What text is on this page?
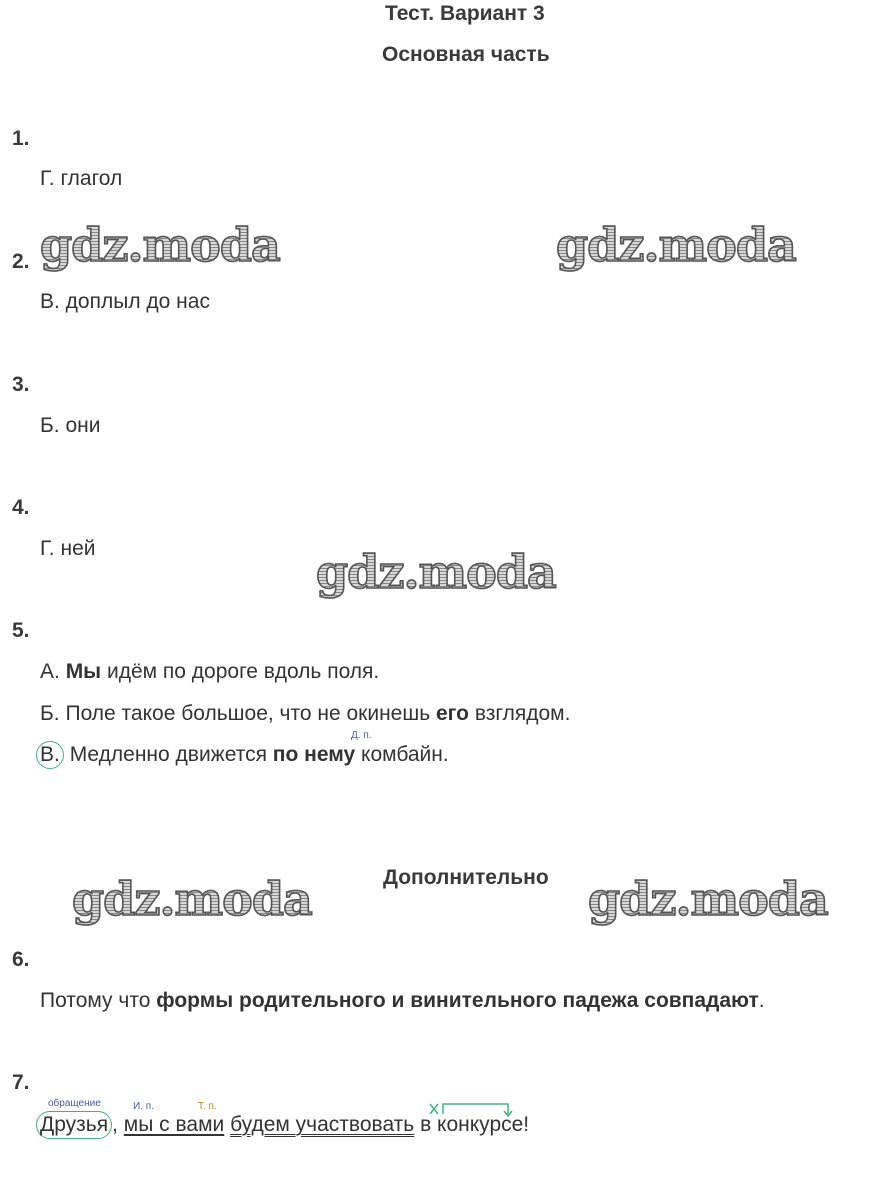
Тест. Вариант 3
Основная часть
1.
Г. глагол
2.
В. доплыл до нас
3.
Б. они
4.
Г. ней
5.
А. Мы идём по дороге вдоль поля.
Б. Поле такое большое, что не окинешь его взглядом.
Д. п.
В. Медленно движется по нему комбайн.
Дополнительно
6.
Потому что формы родительного и винительного падежа совпадают.
7.
обращение	И. п.	Т. п.
Друзья , мы с вами будем участвовать в конкурсе!
gdz.moda	gdz.moda
gdz.moda
gdz.moda	gdz.moda
